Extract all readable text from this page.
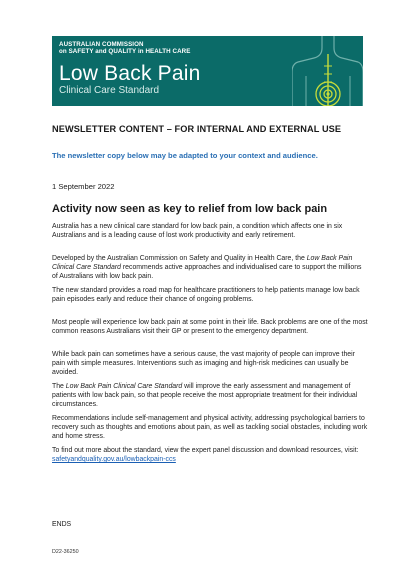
AUSTRALIAN COMMISSION
on SAFETY and QUALITY in HEALTH CARE
Low Back Pain
Clinical Care Standard
NEWSLETTER CONTENT – FOR INTERNAL AND EXTERNAL USE
The newsletter copy below may be adapted to your context and audience.
1 September 2022
Activity now seen as key to relief from low back pain

Australia has a new clinical care standard for low back pain, a condition which affects one in six Australians and is a leading cause of lost work productivity and early retirement.

Developed by the Australian Commission on Safety and Quality in Health Care, the Low Back Pain Clinical Care Standard recommends active approaches and individualised care to support the millions of Australians with low back pain.

The new standard provides a road map for healthcare practitioners to help patients manage low back pain episodes early and reduce their chance of ongoing problems.

Most people will experience low back pain at some point in their life. Back problems are one of the most common reasons Australians visit their GP or present to the emergency department.

While back pain can sometimes have a serious cause, the vast majority of people can improve their pain with simple measures. Interventions such as imaging and high-risk medicines can usually be avoided.

The Low Back Pain Clinical Care Standard will improve the early assessment and management of patients with low back pain, so that people receive the most appropriate treatment for their individual circumstances.

Recommendations include self-management and physical activity, addressing psychological barriers to recovery such as thoughts and emotions about pain, as well as tackling social obstacles, including work and home stress.

To find out more about the standard, view the expert panel discussion and download resources, visit: safetyandquality.gov.au/lowbackpain-ccs

ENDS
D22-36250
